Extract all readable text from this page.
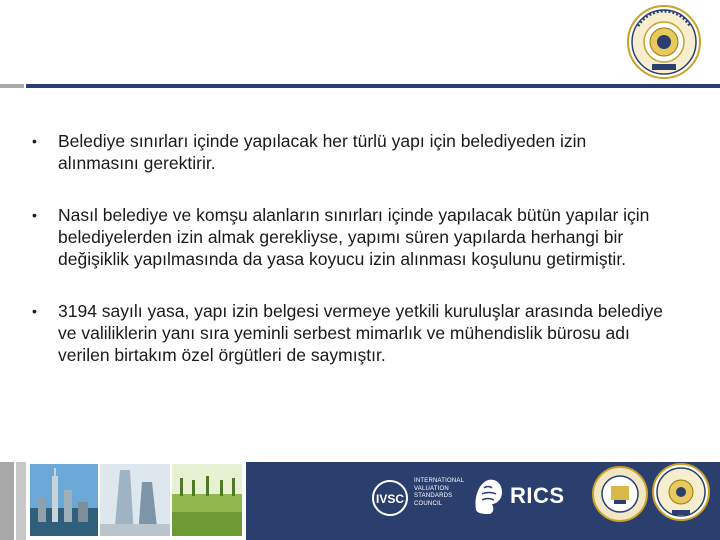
• Belediye sınırları içinde yapılacak her türlü yapı için belediyeden izin alınmasını gerektirir.
• Nasıl belediye ve komşu alanların sınırları içinde yapılacak bütün yapılar için belediyelerden izin almak gerekliyse, yapımı süren yapılarda herhangi bir değişiklik yapılmasında da yasa koyucu izin alınması koşulunu getirmiştir.
• 3194 sayılı yasa, yapı izin belgesi vermeye yetkili kuruluşlar arasında belediye ve valiliklerin yanı sıra yeminli serbest mimarlık ve mühendislik bürosu adı verilen birtakım özel örgütleri de saymıştır.
IVSC
INTERNATIONAL
VALUATION
STANDARDS
COUNCIL	RICS
